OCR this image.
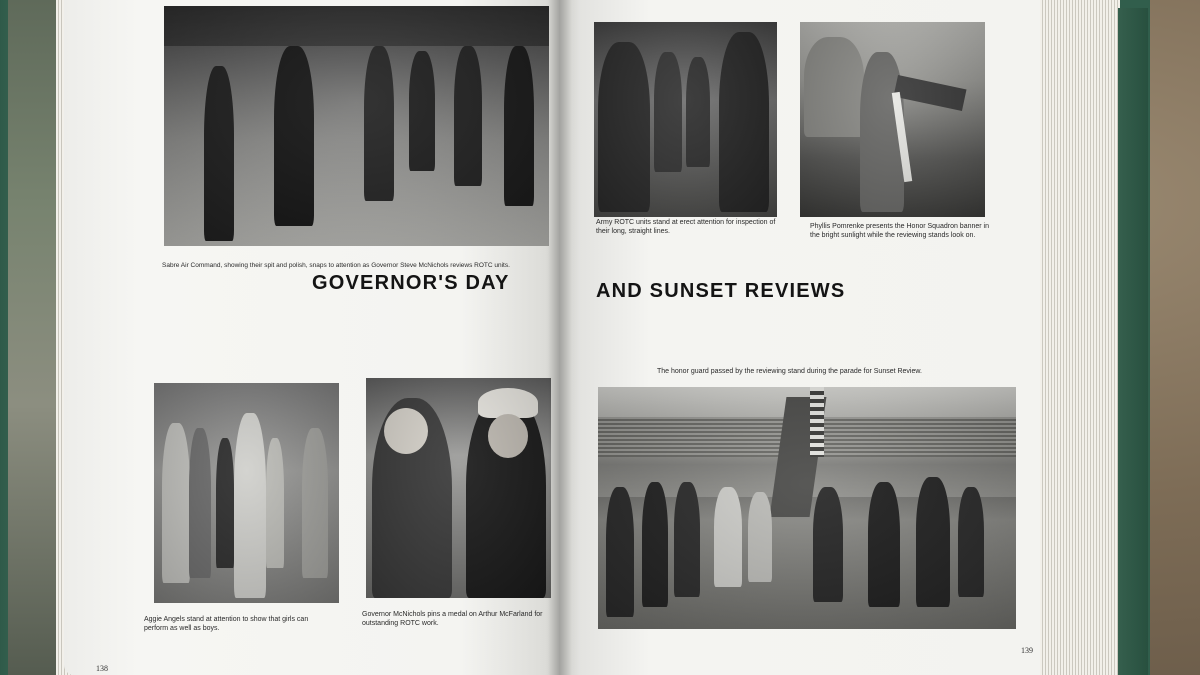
Sabre Air Command, showing their spit and polish, snaps to attention as Governor Steve McNichols reviews ROTC units.
GOVERNOR'S DAY
Aggie Angels stand at attention to show that girls can perform as well as boys.
Governor McNichols pins a medal on Arthur McFarland for outstanding ROTC work.
138
Army ROTC units stand at erect attention for inspection of their long, straight lines.
Phyllis Pomrenke presents the Honor Squadron banner in the bright sunlight while the reviewing stands look on.
AND SUNSET REVIEWS
The honor guard passed by the reviewing stand during the parade for Sunset Review.
139
